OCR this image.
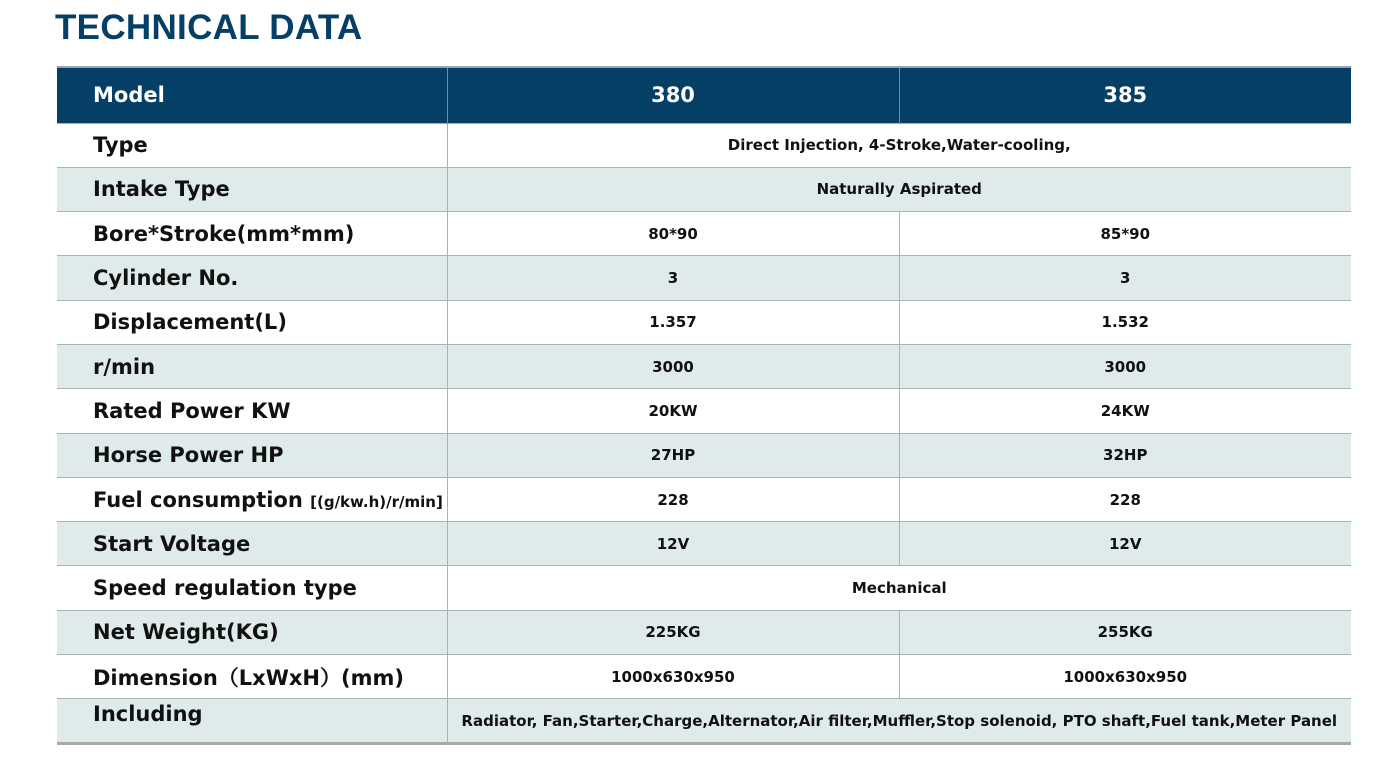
TECHNICAL DATA
Model	380	385
Type	Direct Injection, 4-Stroke,Water-cooling,	
Intake Type	Naturally Aspirated	
Bore*Stroke(mm*mm)	80*90	85*90
Cylinder No.	3	3
Displacement(L)	1.357	1.532
r/min	3000	3000
Rated Power KW	20KW	24KW
Horse Power HP	27HP	32HP
Fuel consumption [(g/kw.h)/r/min]	228	228
Start Voltage	12V	12V
Speed regulation type	Mechanical	
Net Weight(KG)	225KG	255KG
Dimension（LxWxH）(mm)	1000x630x950	1000x630x950
Including	Radiator, Fan,Starter,Charge,Alternator,Air filter,Muffler,Stop solenoid, PTO shaft,Fuel tank,Meter Panel	
